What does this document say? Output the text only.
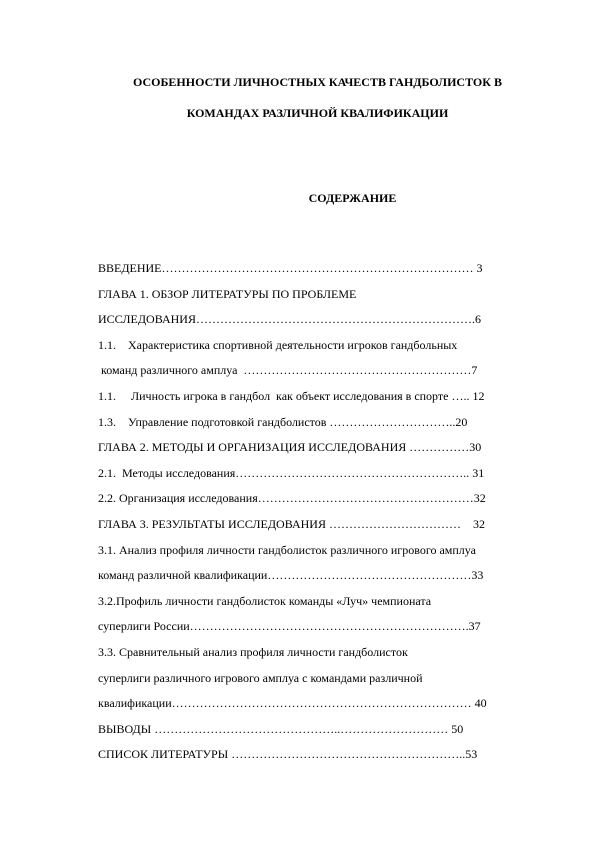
ОСОБЕННОСТИ ЛИЧНОСТНЫХ КАЧЕСТВ ГАНДБОЛИСТОК В
КОМАНДАХ РАЗЛИЧНОЙ КВАЛИФИКАЦИИ
СОДЕРЖАНИЕ
ВВЕДЕНИЕ…………………………………………………………………… 3
ГЛАВА 1. ОБЗОР ЛИТЕРАТУРЫ ПО ПРОБЛЕМЕ
ИССЛЕДОВАНИЯ…………………………………………………………….6
1.1.    Характеристика спортивной деятельности игроков гандбольных
команд различного амплуа  …………………………………………………7
1.1.     Личность игрока в гандбол  как объект исследования в спорте ….. 12
1.3.    Управление подготовкой гандболистов …………………………..20
ГЛАВА 2. МЕТОДЫ И ОРГАНИЗАЦИЯ ИССЛЕДОВАНИЯ ……………30
2.1.  Методы исследования………………………………………………….. 31
2.2. Организация исследования………………………………………………32
ГЛАВА 3. РЕЗУЛЬТАТЫ ИССЛЕДОВАНИЯ ……………………………    32
3.1. Анализ профиля личности гандболисток различного игрового амплуа
команд различной квалификации……………………………………………33
3.2.Профиль личности гандболисток команды «Луч» чемпионата
суперлиги России…………………………………………………………….37
3.3. Сравнительный анализ профиля личности гандболисток
суперлиги различного игрового амплуа с командами различной
квалификации………………………………………………………………… 40
ВЫВОДЫ ………………………………………..……………………… 50
СПИСОК ЛИТЕРАТУРЫ …………………………………………………..53
